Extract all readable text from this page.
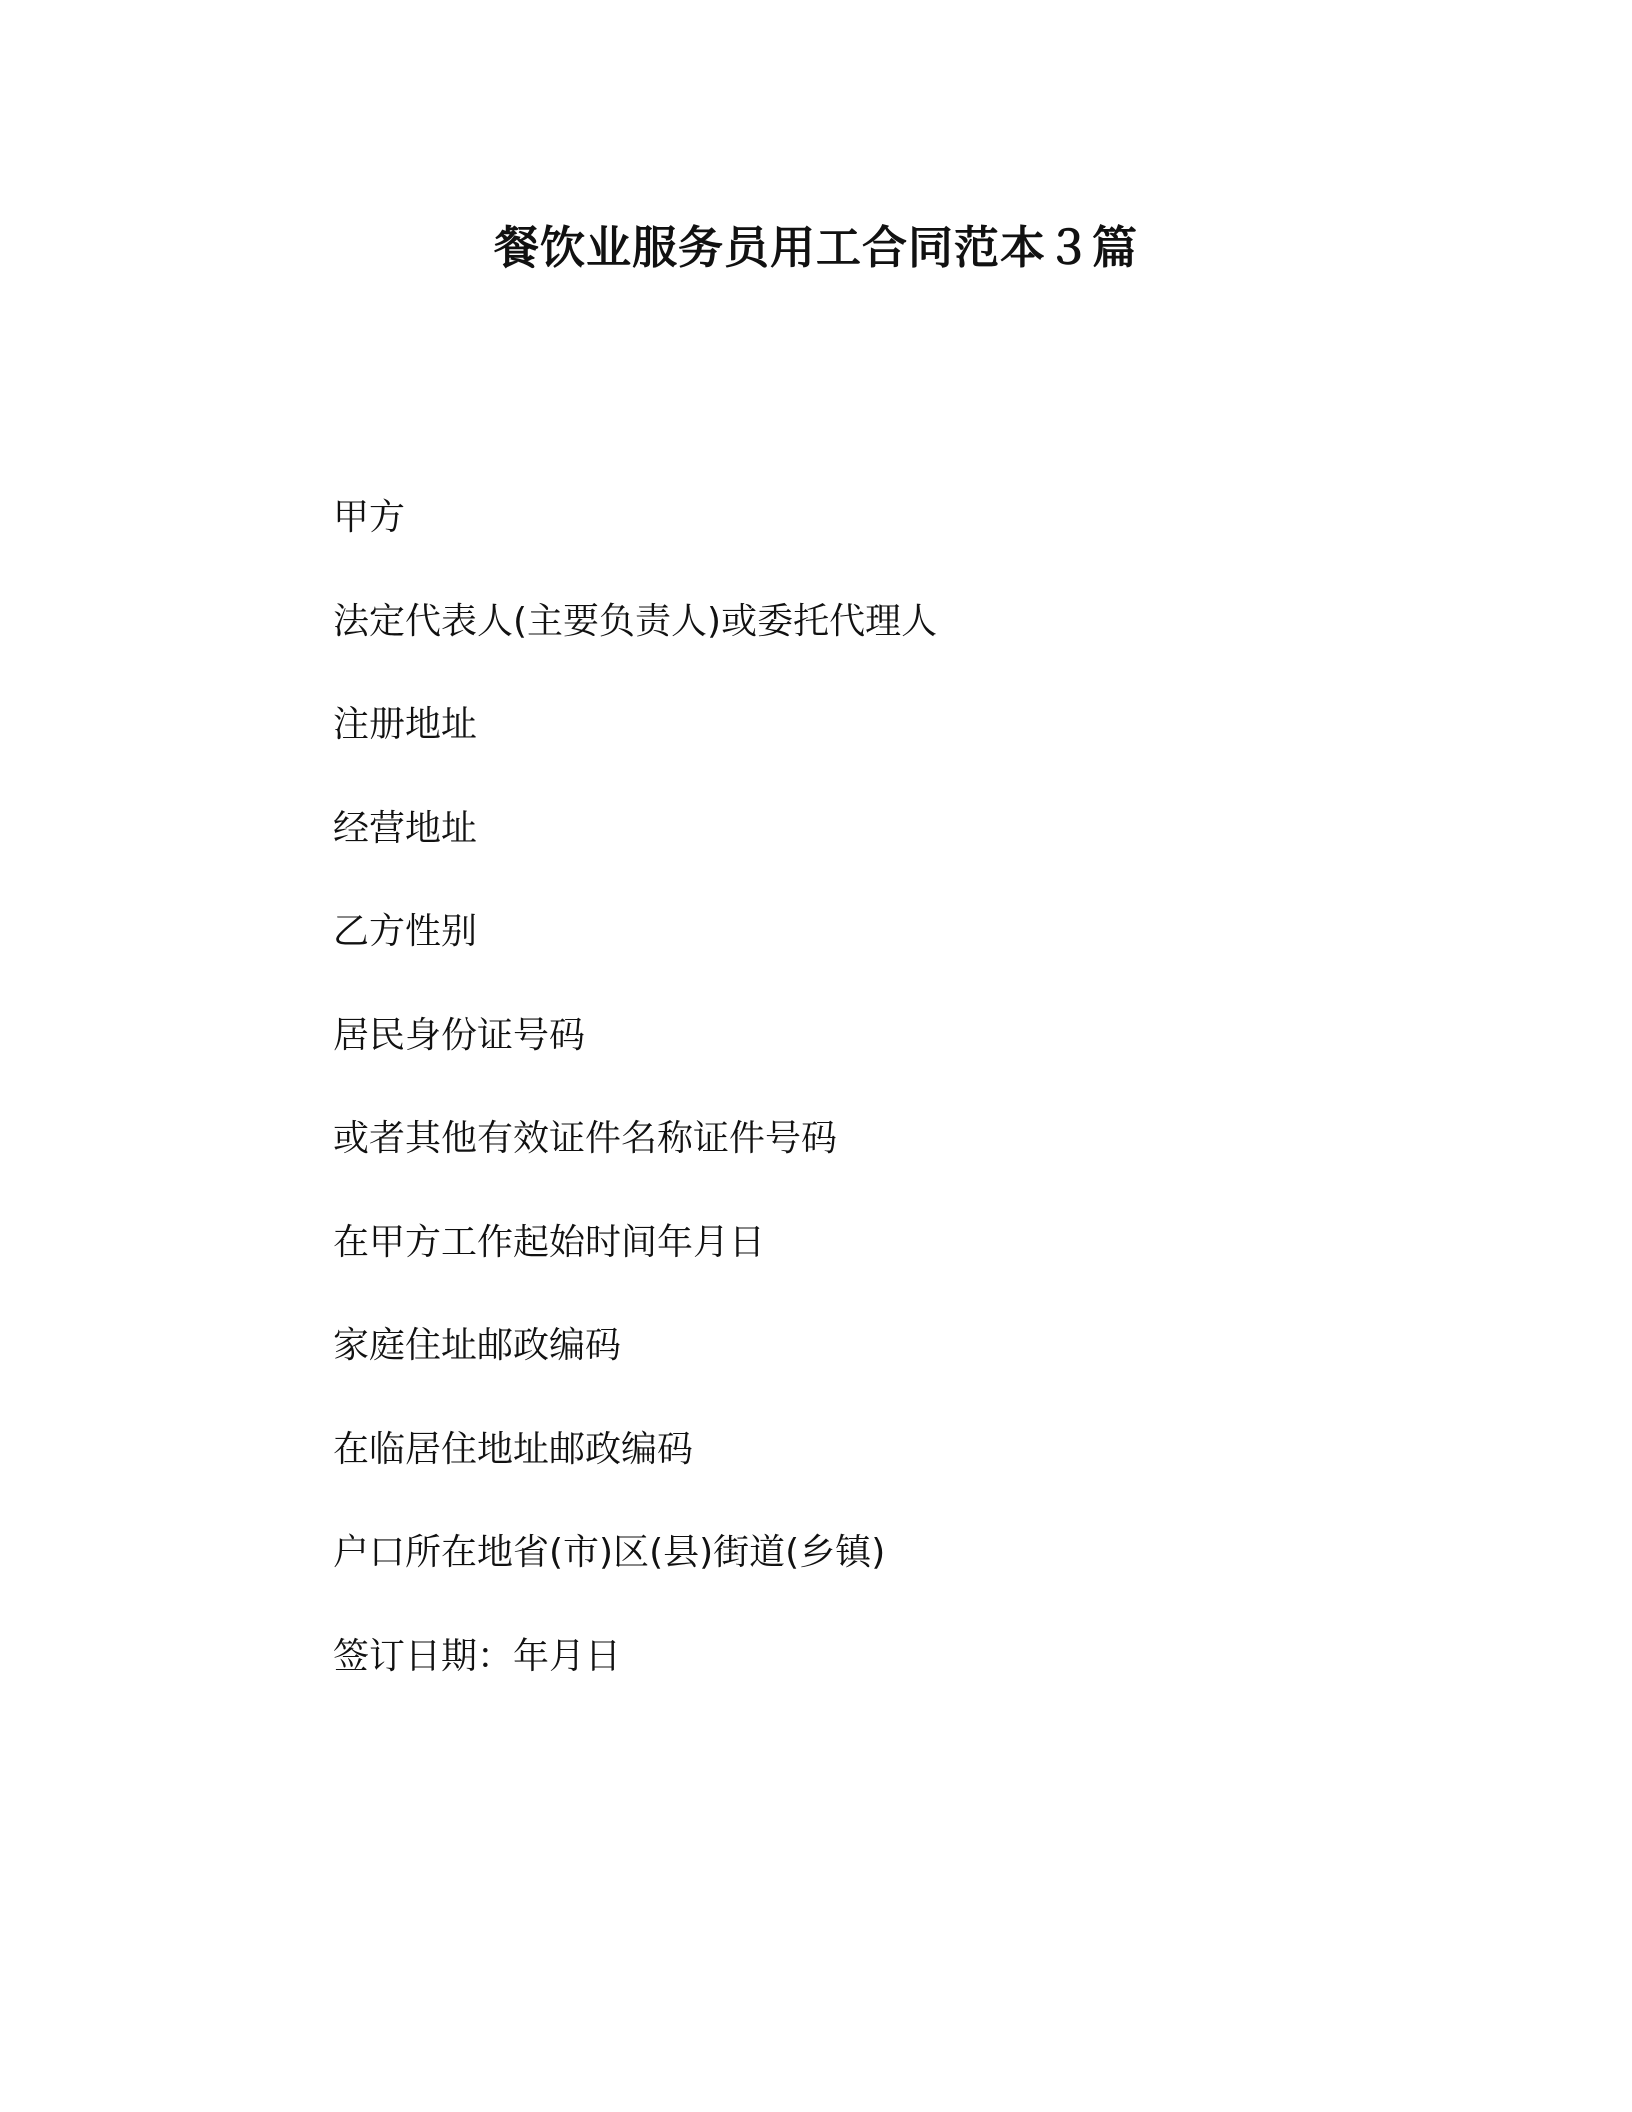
餐饮业服务员用工合同范本３篇
甲方
法定代表人(主要负责人)或委托代理人
注册地址
经营地址
乙方性别
居民身份证号码
或者其他有效证件名称证件号码
在甲方工作起始时间年月日
家庭住址邮政编码
在临居住地址邮政编码
户口所在地省(市)区(县)街道(乡镇)
签订日期：年月日
